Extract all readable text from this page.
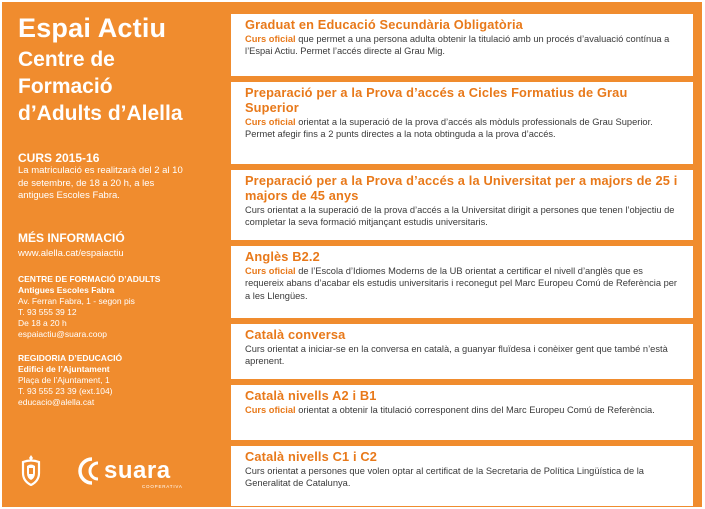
Espai Actiu
Centre de
Formació
d’Adults d’Alella
CURS 2015-16
La matriculació es realitzarà del 2 al 10
de setembre, de 18 a 20 h, a les
antigues Escoles Fabra.
MÉS INFORMACIÓ
www.alella.cat/espaiactiu
CENTRE DE FORMACIÓ D’ADULTS
Antigues Escoles Fabra
Av. Ferran Fabra, 1 - segon pis
T. 93 555 39 12
De 18 a 20 h
espaiactiu@suara.coop
REGIDORIA D’EDUCACIÓ
Edifici de l’Ajuntament
Plaça de l’Ajuntament, 1
T. 93 555 23 39 (ext.104)
educacio@alella.cat
suara
COOPERATIVA
Graduat en Educació Secundària Obligatòria
Curs oficial que permet a una persona adulta obtenir la titulació amb un procés d’avaluació contínua a l’Espai Actiu. Permet l’accés directe al Grau Mig.
Preparació per a la Prova d’accés a Cicles Formatius de Grau Superior
Curs oficial orientat a la superació de la prova d’accés als mòduls professionals de Grau Superior. Permet afegir fins a 2 punts directes a la nota obtinguda a la prova d’accés.
Preparació per a la Prova d’accés a la Universitat per a majors de 25 i majors de 45 anys
Curs orientat a la superació de la prova d’accés a la Universitat dirigit a persones que tenen l’objectiu de completar la seva formació mitjançant estudis universitaris.
Anglès B2.2
Curs oficial de l’Escola d’Idiomes Moderns de la UB orientat a certificar el nivell d’anglès que es requereix abans d’acabar els estudis universitaris i reconegut pel Marc Europeu Comú de Referència per a les Llengües.
Català conversa
Curs orientat a iniciar-se en la conversa en català, a guanyar fluïdesa i conèixer gent que també n’està aprenent.
Català nivells A2 i B1
Curs oficial orientat a obtenir la titulació corresponent dins del Marc Europeu Comú de Referència.
Català nivells C1 i C2
Curs orientat a persones que volen optar al certificat de la Secretaria de Política Lingüística de la Generalitat de Catalunya.
